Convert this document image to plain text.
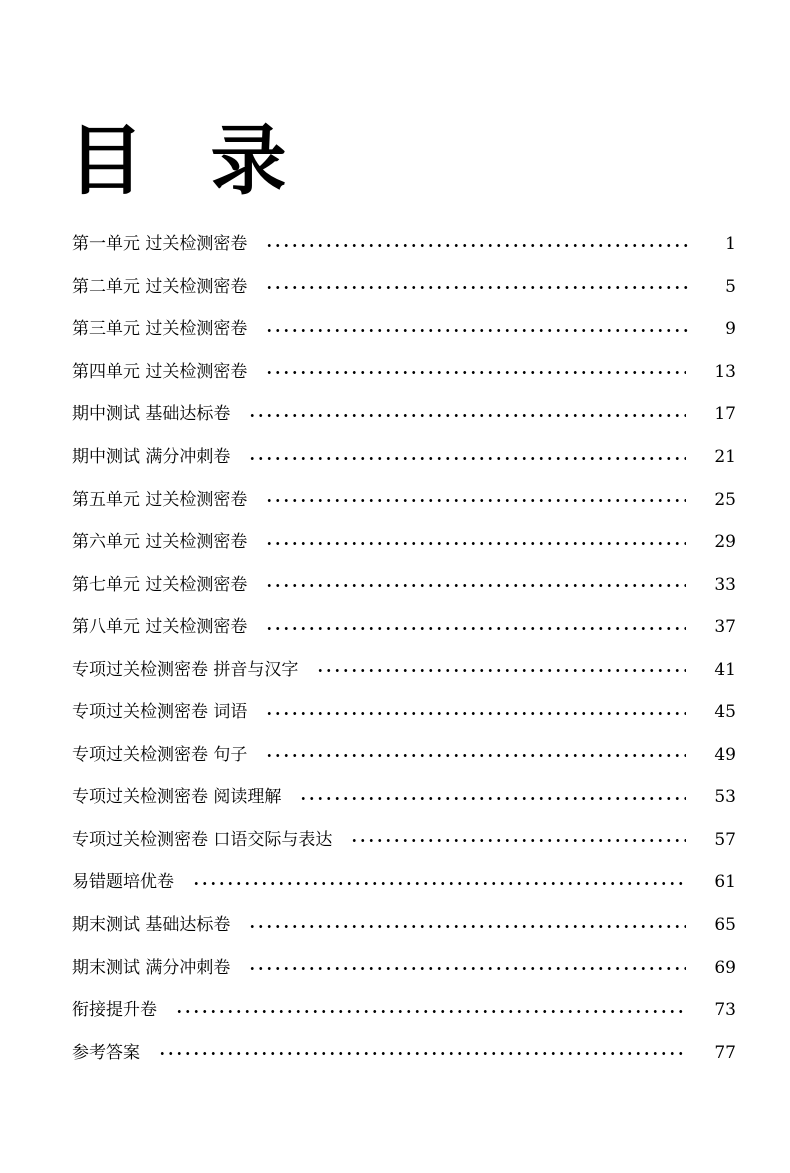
目 录
第一单元 过关检测密卷	1
第二单元 过关检测密卷	5
第三单元 过关检测密卷	9
第四单元 过关检测密卷	13
期中测试 基础达标卷	17
期中测试 满分冲刺卷	21
第五单元 过关检测密卷	25
第六单元 过关检测密卷	29
第七单元 过关检测密卷	33
第八单元 过关检测密卷	37
专项过关检测密卷 拼音与汉字	41
专项过关检测密卷 词语	45
专项过关检测密卷 句子	49
专项过关检测密卷 阅读理解	53
专项过关检测密卷 口语交际与表达	57
易错题培优卷	61
期末测试 基础达标卷	65
期末测试 满分冲刺卷	69
衔接提升卷	73
参考答案	77
